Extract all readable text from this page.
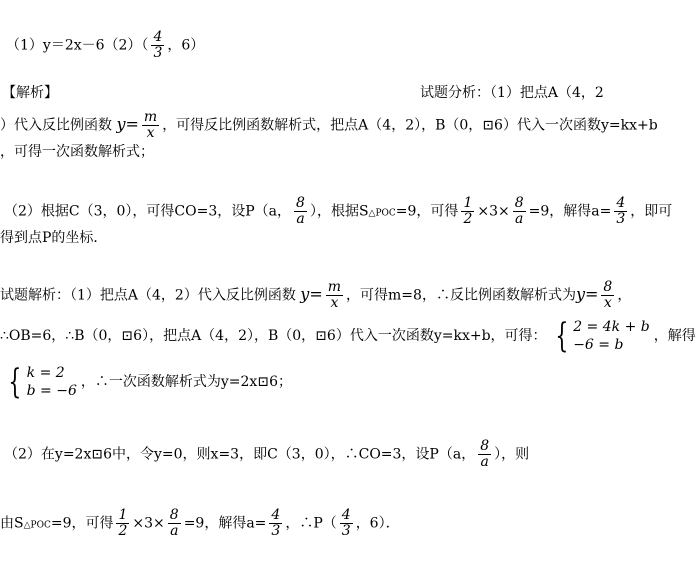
$(1)y=2x-6(2)( \frac{4}{3}$ ，6）
【解析】	试题分析：（1）把点A（4，2
）代入反比例函数 $y= \frac{m}{x}$ ，可得反比例函数解析式，把点A（4，2），B（0，⊡6）代入一次函数y=kx+b
，可得一次函数解析式；
（2）根据C（3，0），可得CO=3，设P（a， $\frac{8}{a}$ ），根据S△POC=9，可得 $\frac{1}{2} \times 3\times \frac{8}{a} =9$，解得$a= \frac{4}{3}$ ，即可
得到点P的坐标．
试题解析：（1）把点A（4，2）代入反比例函数 $y= \frac{m}{x}$ ，可得m=8，∴反比例函数解析式为$y= \frac{8}{x}$ ，
∴OB=6，∴B（0，⊡6），把点A（4，2），B（0，⊡6）代入一次函数y=kx+b，可得： { 2 = 4k + b
−6 = b
，解得
{ k = 2
b = −6
，∴一次函数解析式为y=2x⊡6；
（2）在y=2x⊡6中，令y=0，则x=3，即C（3，0），∴CO=3，设P（a， $\frac{8}{a}$ ），则
由S△POC=9，可得 $\frac{1}{2} \times 3\times \frac{8}{a} =9$，解得$a= \frac{4}{3}$ ，∴P（ $\frac{4}{3}$ ，6）．
